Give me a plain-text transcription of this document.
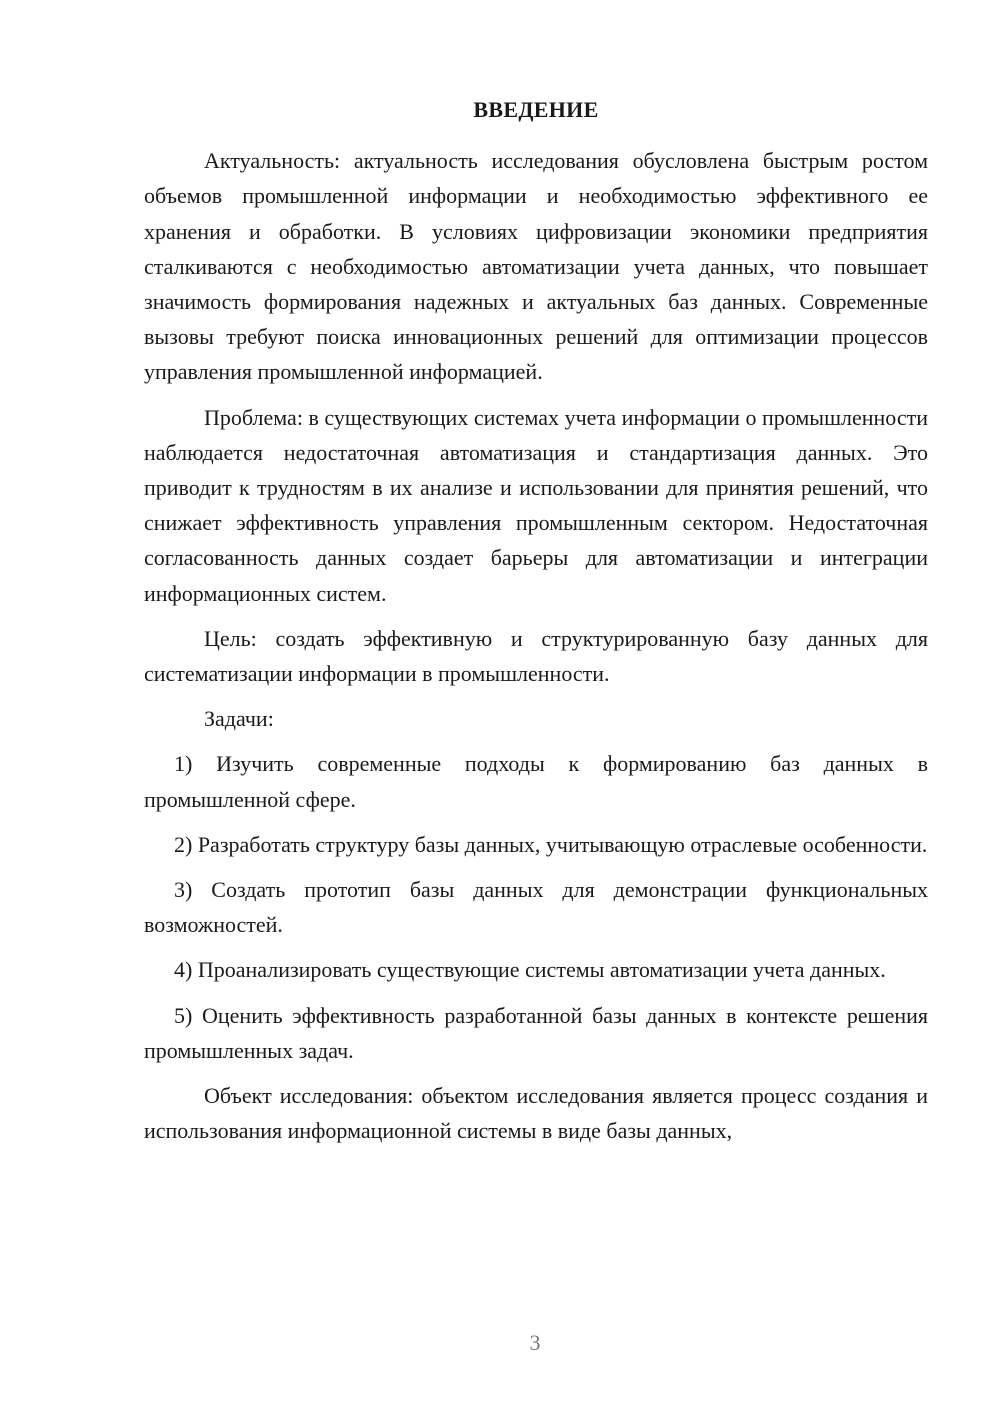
ВВЕДЕНИЕ

Актуальность: актуальность исследования обусловлена быстрым ростом объемов промышленной информации и необходимостью эффективного ее хранения и обработки. В условиях цифровизации экономики предприятия сталкиваются с необходимостью автоматизации учета данных, что повышает значимость формирования надежных и актуальных баз данных. Современные вызовы требуют поиска инновационных решений для оптимизации процессов управления промышленной информацией.

Проблема: в существующих системах учета информации о промышленности наблюдается недостаточная автоматизация и стандартизация данных. Это приводит к трудностям в их анализе и использовании для принятия решений, что снижает эффективность управления промышленным сектором. Недостаточная согласованность данных создает барьеры для автоматизации и интеграции информационных систем.

Цель: создать эффективную и структурированную базу данных для систематизации информации в промышленности.

Задачи:

1) Изучить современные подходы к формированию баз данных в промышленной сфере.

2) Разработать структуру базы данных, учитывающую отраслевые особенности.

3) Создать прототип базы данных для демонстрации функциональных возможностей.

4) Проанализировать существующие системы автоматизации учета данных.

5) Оценить эффективность разработанной базы данных в контексте решения промышленных задач.

Объект исследования: объектом исследования является процесс создания и использования информационной системы в виде базы данных,

3
